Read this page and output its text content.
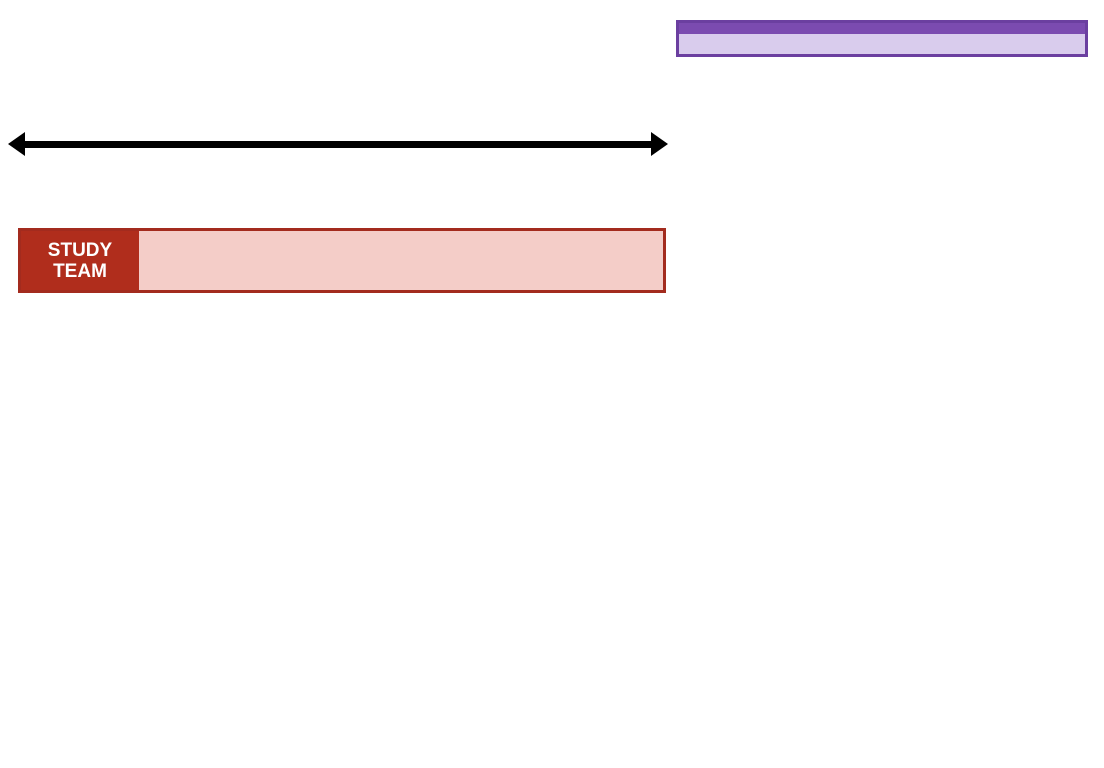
STUDY
TEAM
